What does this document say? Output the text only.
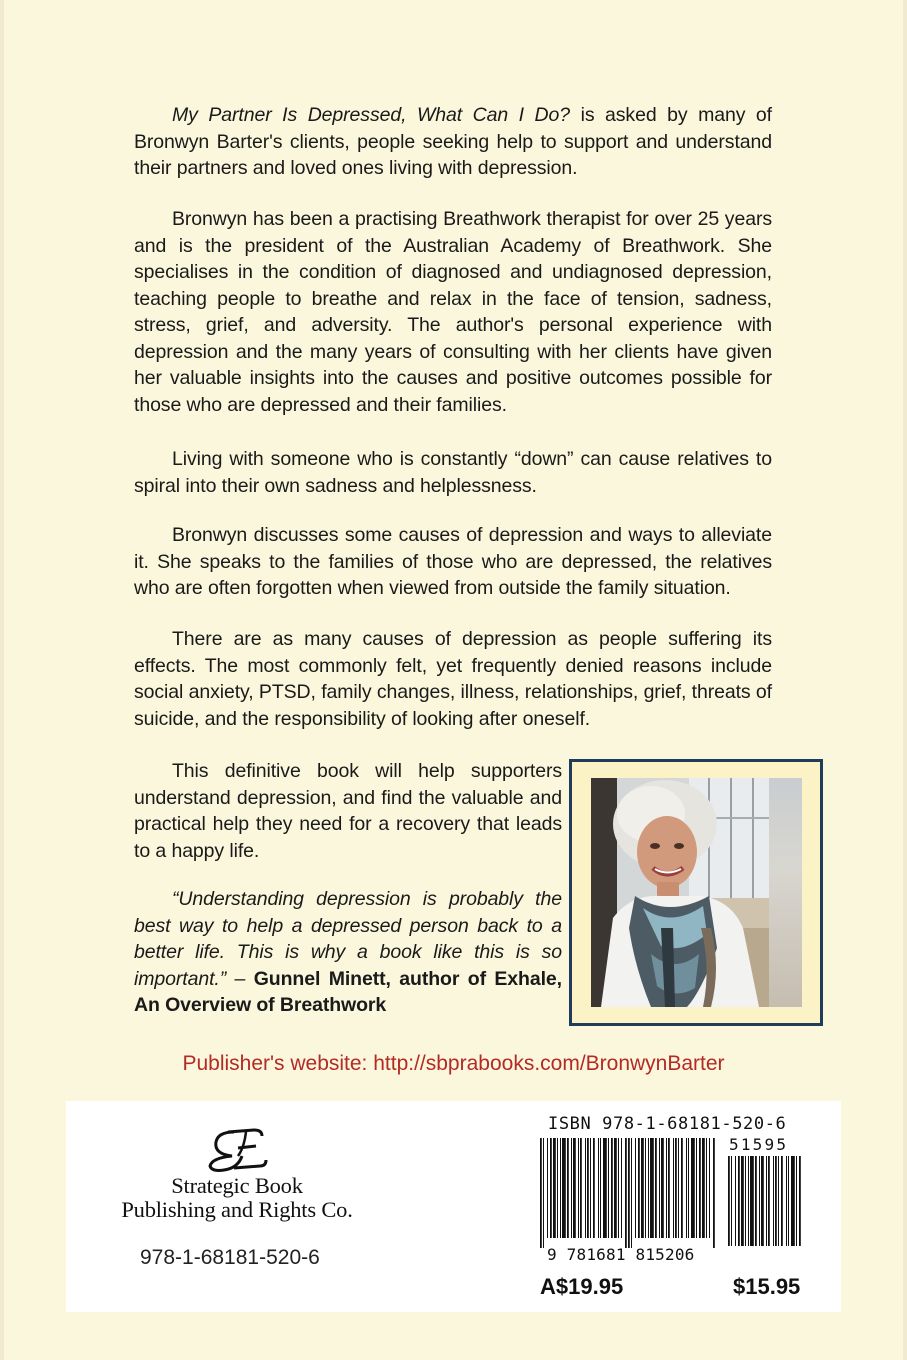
My Partner Is Depressed, What Can I Do? is asked by many of Bronwyn Barter's clients, people seeking help to support and understand their partners and loved ones living with depression.

Bronwyn has been a practising Breathwork therapist for over 25 years and is the president of the Australian Academy of Breathwork. She specialises in the condition of diagnosed and undiagnosed depression, teaching people to breathe and relax in the face of tension, sadness, stress, grief, and adversity. The author's personal experience with depression and the many years of consulting with her clients have given her valuable insights into the causes and positive outcomes possible for those who are depressed and their families.

Living with someone who is constantly “down” can cause relatives to spiral into their own sadness and helplessness.

Bronwyn discusses some causes of depression and ways to alleviate it. She speaks to the families of those who are depressed, the relatives who are often forgotten when viewed from outside the family situation.

There are as many causes of depression as people suffering its effects. The most commonly felt, yet frequently denied reasons include social anxiety, PTSD, family changes, illness, relationships, grief, threats of suicide, and the responsibility of looking after oneself.

This definitive book will help supporters understand depression, and find the valuable and practical help they need for a recovery that leads to a happy life.

“Understanding depression is probably the best way to help a depressed person back to a better life. This is why a book like this is so important.” – Gunnel Minett, author of Exhale, An Overview of Breathwork

Publisher's website: http://sbprabooks.com/BronwynBarter
Strategic Book
Publishing and Rights Co.
978-1-68181-520-6
ISBN 978-1-68181-520-6
51595
9 781681 815206
A$19.95	$15.95
